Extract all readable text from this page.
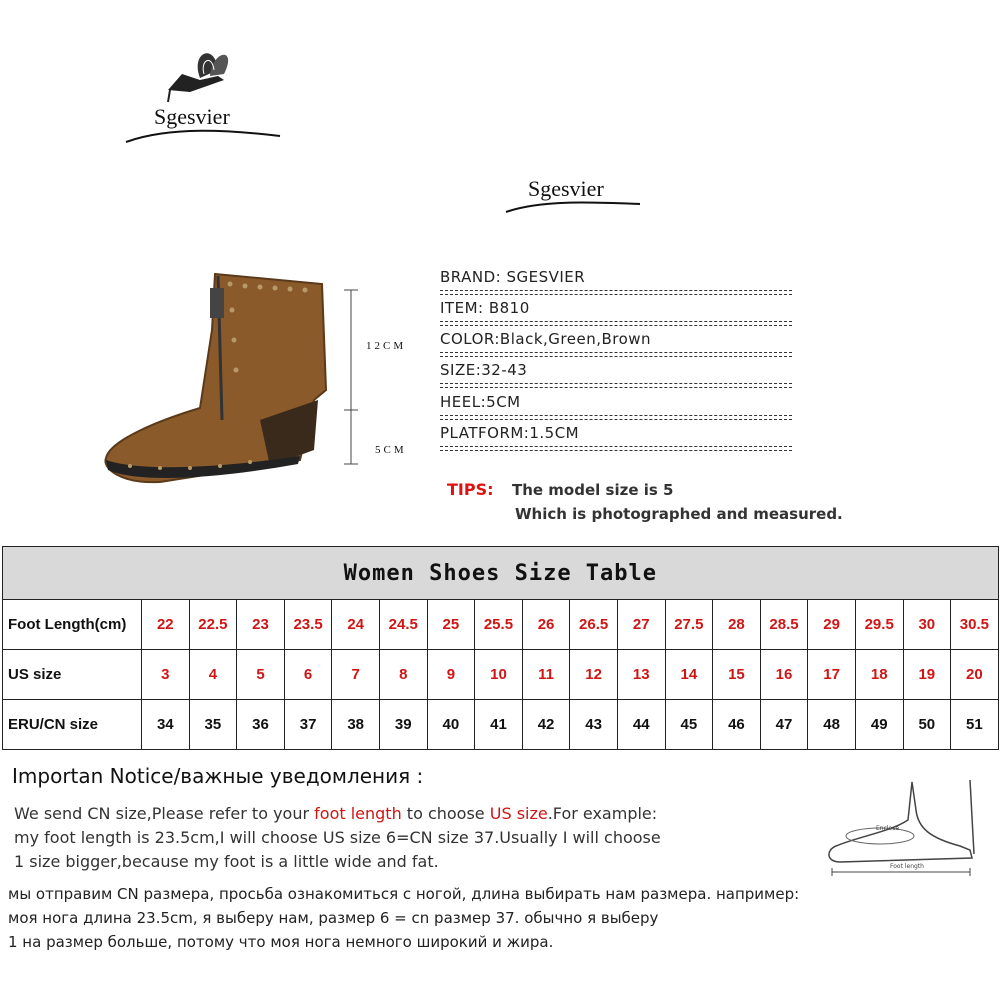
Sgesvier
Sgesvier
12CM
5CM
BRAND: SGESVIER
ITEM: B810
COLOR:Black,Green,Brown
SIZE:32-43
HEEL:5CM
PLATFORM:1.5CM
TIPS: The model size is 5
Which is photographed and measured.
Women Shoes Size Table																		
Foot Length(cm)	22	22.5	23	23.5	24	24.5	25	25.5	26	26.5	27	27.5	28	28.5	29	29.5	30	30.5
US size	3	4	5	6	7	8	9	10	11	12	13	14	15	16	17	18	19	20
ERU/CN size	34	35	36	37	38	39	40	41	42	43	44	45	46	47	48	49	50	51
Importan Notice/важные уведомления :
We send CN size,Please refer to your foot length to choose US size.For example:
my foot length is 23.5cm,I will choose US size 6=CN size 37.Usually I will choose
1 size bigger,because my foot is a little wide and fat.
мы отправим CN размера, просьба ознакомиться с ногой, длина выбирать нам размера. например:
моя нога длина 23.5cm, я выберу нам, размер 6 = cn размер 37. обычно я выберу
1 на размер больше, потому что моя нога немного широкий и жира.
Enclose
Foot length
